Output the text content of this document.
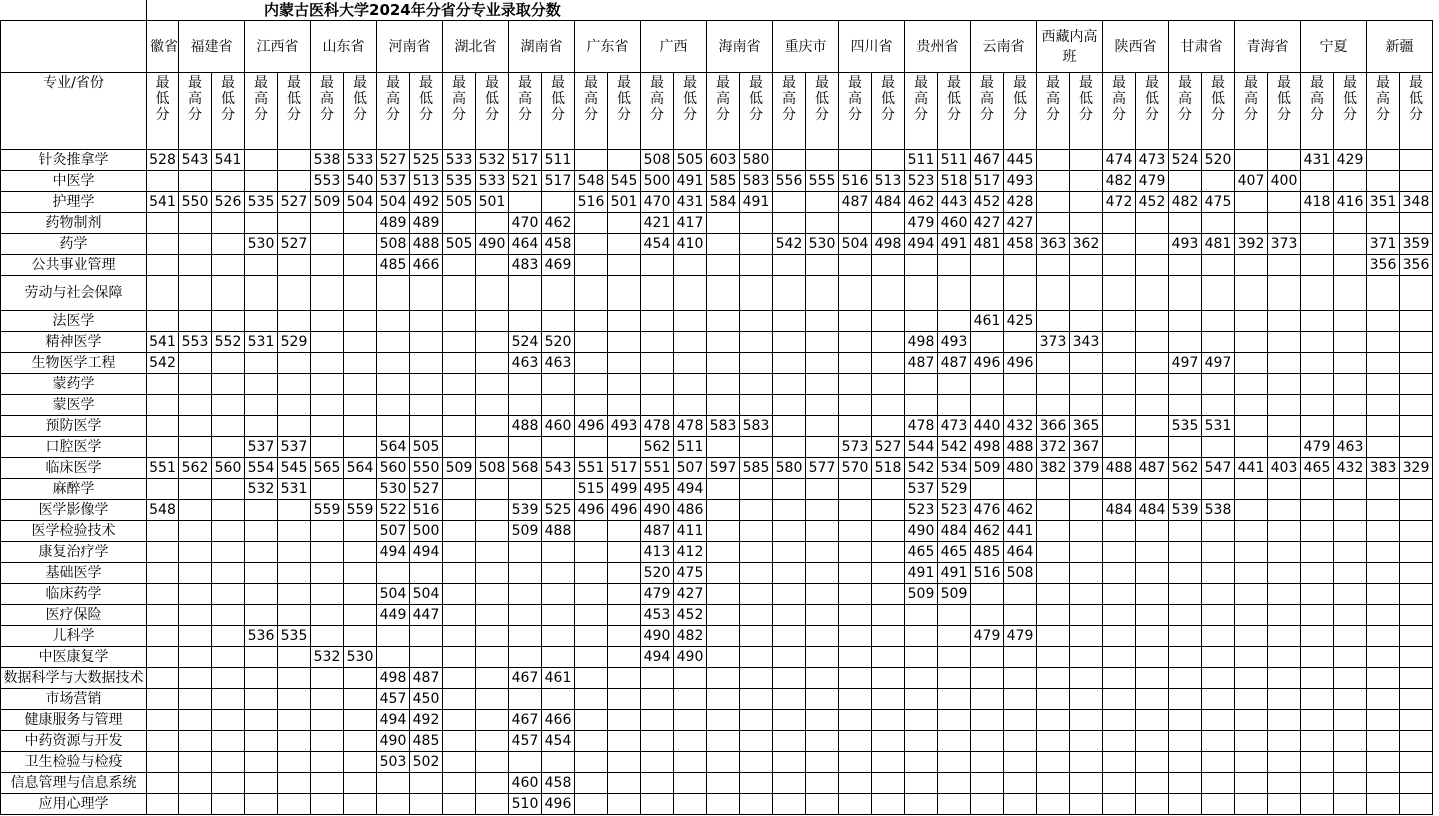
内蒙古医科大学2024年分省分专业录取分数
	徽省	福建省		江西省		山东省		河南省		湖北省		湖南省		广东省		广西		海南省		重庆市		四川省		贵州省		云南省		西藏内高班		陕西省		甘肃省		青海省		宁夏		新疆	
专业/省份	最低分	最高分	最低分	最高分	最低分	最高分	最低分	最高分	最低分	最高分	最低分	最高分	最低分	最高分	最低分	最高分	最低分	最高分	最低分	最高分	最低分	最高分	最低分	最高分	最低分	最高分	最低分	最高分	最低分	最高分	最低分	最高分	最低分	最高分	最低分	最高分	最低分	最高分	最低分
针灸推拿学	528	543	541			538	533	527	525	533	532	517	511			508	505	603	580					511	511	467	445			474	473	524	520			431	429		
中医学						553	540	537	513	535	533	521	517	548	545	500	491	585	583	556	555	516	513	523	518	517	493			482	479			407	400				
护理学	541	550	526	535	527	509	504	504	492	505	501			516	501	470	431	584	491			487	484	462	443	452	428			472	452	482	475			418	416	351	348
药物制剂								489	489			470	462			421	417							479	460	427	427												
药学				530	527			508	488	505	490	464	458			454	410			542	530	504	498	494	491	481	458	363	362			493	481	392	373			371	359
公共事业管理								485	466			483	469																									356	356
劳动与社会保障																																							
法医学																										461	425												
精神医学	541	553	552	531	529							524	520											498	493			373	343										
生物医学工程	542											463	463											487	487	496	496					497	497						
蒙药学																																							
蒙医学																																							
预防医学												488	460	496	493	478	478	583	583					478	473	440	432	366	365			535	531						
口腔医学				537	537			564	505							562	511					573	527	544	542	498	488	372	367							479	463		
临床医学	551	562	560	554	545	565	564	560	550	509	508	568	543	551	517	551	507	597	585	580	577	570	518	542	534	509	480	382	379	488	487	562	547	441	403	465	432	383	329
麻醉学				532	531			530	527					515	499	495	494							537	529														
医学影像学	548					559	559	522	516			539	525	496	496	490	486							523	523	476	462			484	484	539	538						
医学检验技术								507	500			509	488			487	411							490	484	462	441												
康复治疗学								494	494							413	412							465	465	485	464												
基础医学																520	475							491	491	516	508												
临床药学								504	504							479	427							509	509														
医疗保险								449	447							453	452																						
儿科学				536	535											490	482									479	479												
中医康复学						532	530									494	490																						
数据科学与大数据技术								498	487			467	461																										
市场营销								457	450																														
健康服务与管理								494	492			467	466																										
中药资源与开发								490	485			457	454																										
卫生检验与检疫								503	502																														
信息管理与信息系统												460	458																										
应用心理学												510	496																										
